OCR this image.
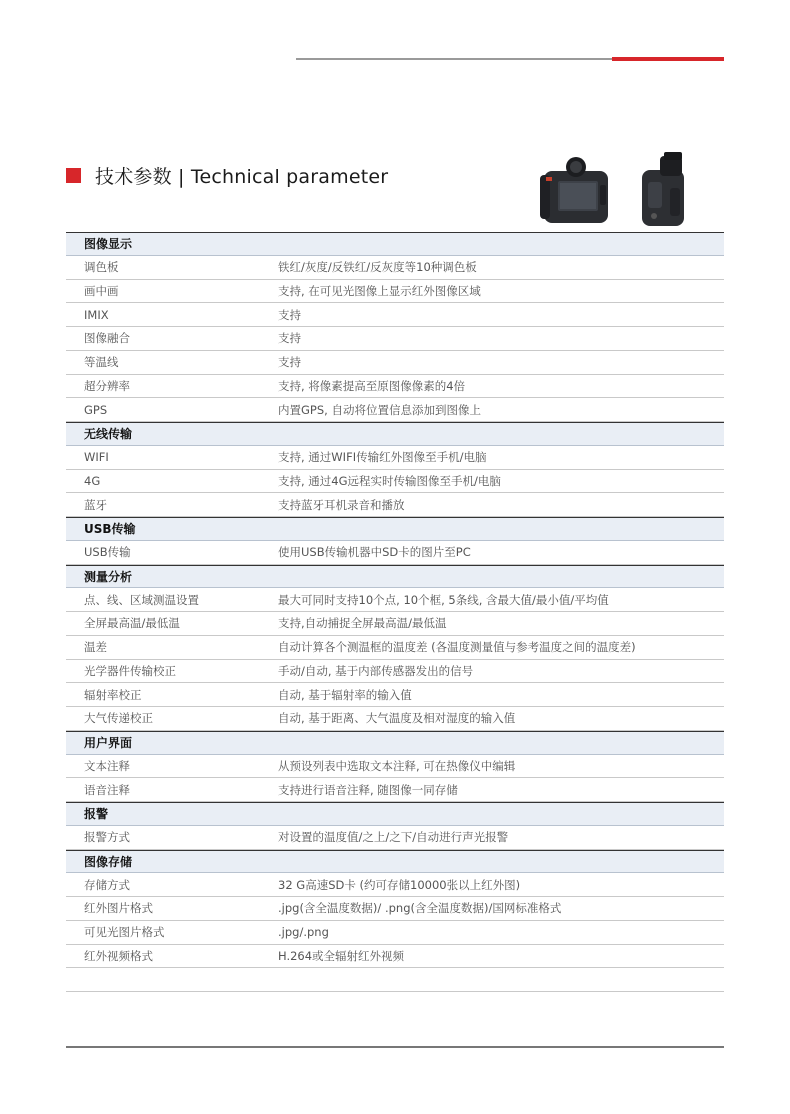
技术参数 | Technical parameter
图像显示
调色板	铁红/灰度/反铁红/反灰度等10种调色板
画中画	支持, 在可见光图像上显示红外图像区域
IMIX	支持
图像融合	支持
等温线	支持
超分辨率	支持, 将像素提高至原图像像素的4倍
GPS	内置GPS, 自动将位置信息添加到图像上
无线传输
WIFI	支持, 通过WIFI传输红外图像至手机/电脑
4G	支持, 通过4G远程实时传输图像至手机/电脑
蓝牙	支持蓝牙耳机录音和播放
USB传输
USB传输	使用USB传输机器中SD卡的图片至PC
测量分析
点、线、区域测温设置	最大可同时支持10个点, 10个框, 5条线, 含最大值/最小值/平均值
全屏最高温/最低温	支持,自动捕捉全屏最高温/最低温
温差	自动计算各个测温框的温度差 (各温度测量值与参考温度之间的温度差)
光学器件传输校正	手动/自动, 基于内部传感器发出的信号
辐射率校正	自动, 基于辐射率的输入值
大气传递校正	自动, 基于距离、大气温度及相对湿度的输入值
用户界面
文本注释	从预设列表中选取文本注释, 可在热像仪中编辑
语音注释	支持进行语音注释, 随图像一同存储
报警
报警方式	对设置的温度值/之上/之下/自动进行声光报警
图像存储
存储方式	32 G高速SD卡 (约可存储10000张以上红外图)
红外图片格式	.jpg(含全温度数据)/ .png(含全温度数据)/国网标准格式
可见光图片格式	.jpg/.png
红外视频格式	H.264或全辐射红外视频
